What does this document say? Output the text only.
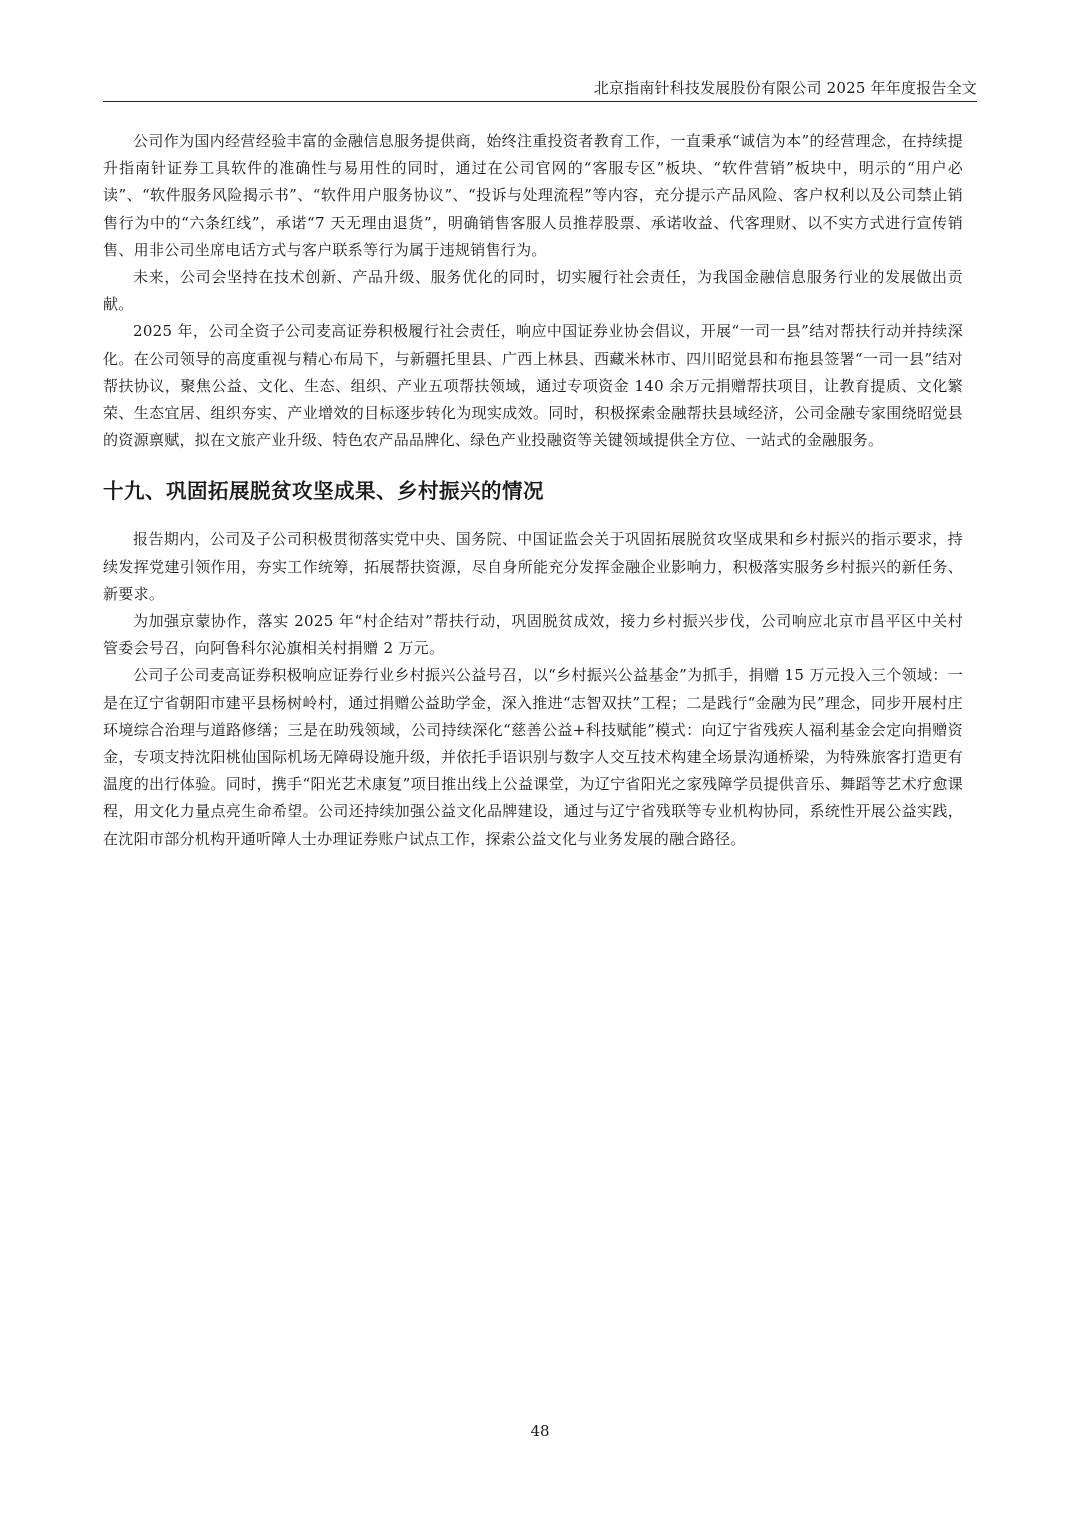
北京指南针科技发展股份有限公司 2025 年年度报告全文

公司作为国内经营经验丰富的金融信息服务提供商，始终注重投资者教育工作，一直秉承“诚信为本”的经营理念，在持续提升指南针证券工具软件的准确性与易用性的同时，通过在公司官网的“客服专区”板块、“软件营销”板块中，明示的“用户必读”、“软件服务风险揭示书”、“软件用户服务协议”、“投诉与处理流程”等内容，充分提示产品风险、客户权利以及公司禁止销售行为中的“六条红线”，承诺“7 天无理由退货”，明确销售客服人员推荐股票、承诺收益、代客理财、以不实方式进行宣传销售、用非公司坐席电话方式与客户联系等行为属于违规销售行为。

未来，公司会坚持在技术创新、产品升级、服务优化的同时，切实履行社会责任，为我国金融信息服务行业的发展做出贡献。

2025 年，公司全资子公司麦高证券积极履行社会责任，响应中国证券业协会倡议，开展“一司一县”结对帮扶行动并持续深化。在公司领导的高度重视与精心布局下，与新疆托里县、广西上林县、西藏米林市、四川昭觉县和布拖县签署“一司一县”结对帮扶协议，聚焦公益、文化、生态、组织、产业五项帮扶领域，通过专项资金 140 余万元捐赠帮扶项目，让教育提质、文化繁荣、生态宜居、组织夯实、产业增效的目标逐步转化为现实成效。同时，积极探索金融帮扶县域经济，公司金融专家围绕昭觉县的资源禀赋，拟在文旅产业升级、特色农产品品牌化、绿色产业投融资等关键领域提供全方位、一站式的金融服务。

十九、巩固拓展脱贫攻坚成果、乡村振兴的情况

报告期内，公司及子公司积极贯彻落实党中央、国务院、中国证监会关于巩固拓展脱贫攻坚成果和乡村振兴的指示要求，持续发挥党建引领作用，夯实工作统筹，拓展帮扶资源，尽自身所能充分发挥金融企业影响力，积极落实服务乡村振兴的新任务、新要求。

为加强京蒙协作，落实 2025 年“村企结对”帮扶行动，巩固脱贫成效，接力乡村振兴步伐，公司响应北京市昌平区中关村管委会号召，向阿鲁科尔沁旗相关村捐赠 2 万元。

公司子公司麦高证券积极响应证券行业乡村振兴公益号召，以“乡村振兴公益基金”为抓手，捐赠 15 万元投入三个领域：一是在辽宁省朝阳市建平县杨树岭村，通过捐赠公益助学金，深入推进“志智双扶”工程；二是践行“金融为民”理念，同步开展村庄环境综合治理与道路修缮；三是在助残领域，公司持续深化“慈善公益+科技赋能”模式：向辽宁省残疾人福利基金会定向捐赠资金，专项支持沈阳桃仙国际机场无障碍设施升级，并依托手语识别与数字人交互技术构建全场景沟通桥梁，为特殊旅客打造更有温度的出行体验。同时，携手“阳光艺术康复”项目推出线上公益课堂，为辽宁省阳光之家残障学员提供音乐、舞蹈等艺术疗愈课程，用文化力量点亮生命希望。公司还持续加强公益文化品牌建设，通过与辽宁省残联等专业机构协同，系统性开展公益实践，在沈阳市部分机构开通听障人士办理证券账户试点工作，探索公益文化与业务发展的融合路径。

48
